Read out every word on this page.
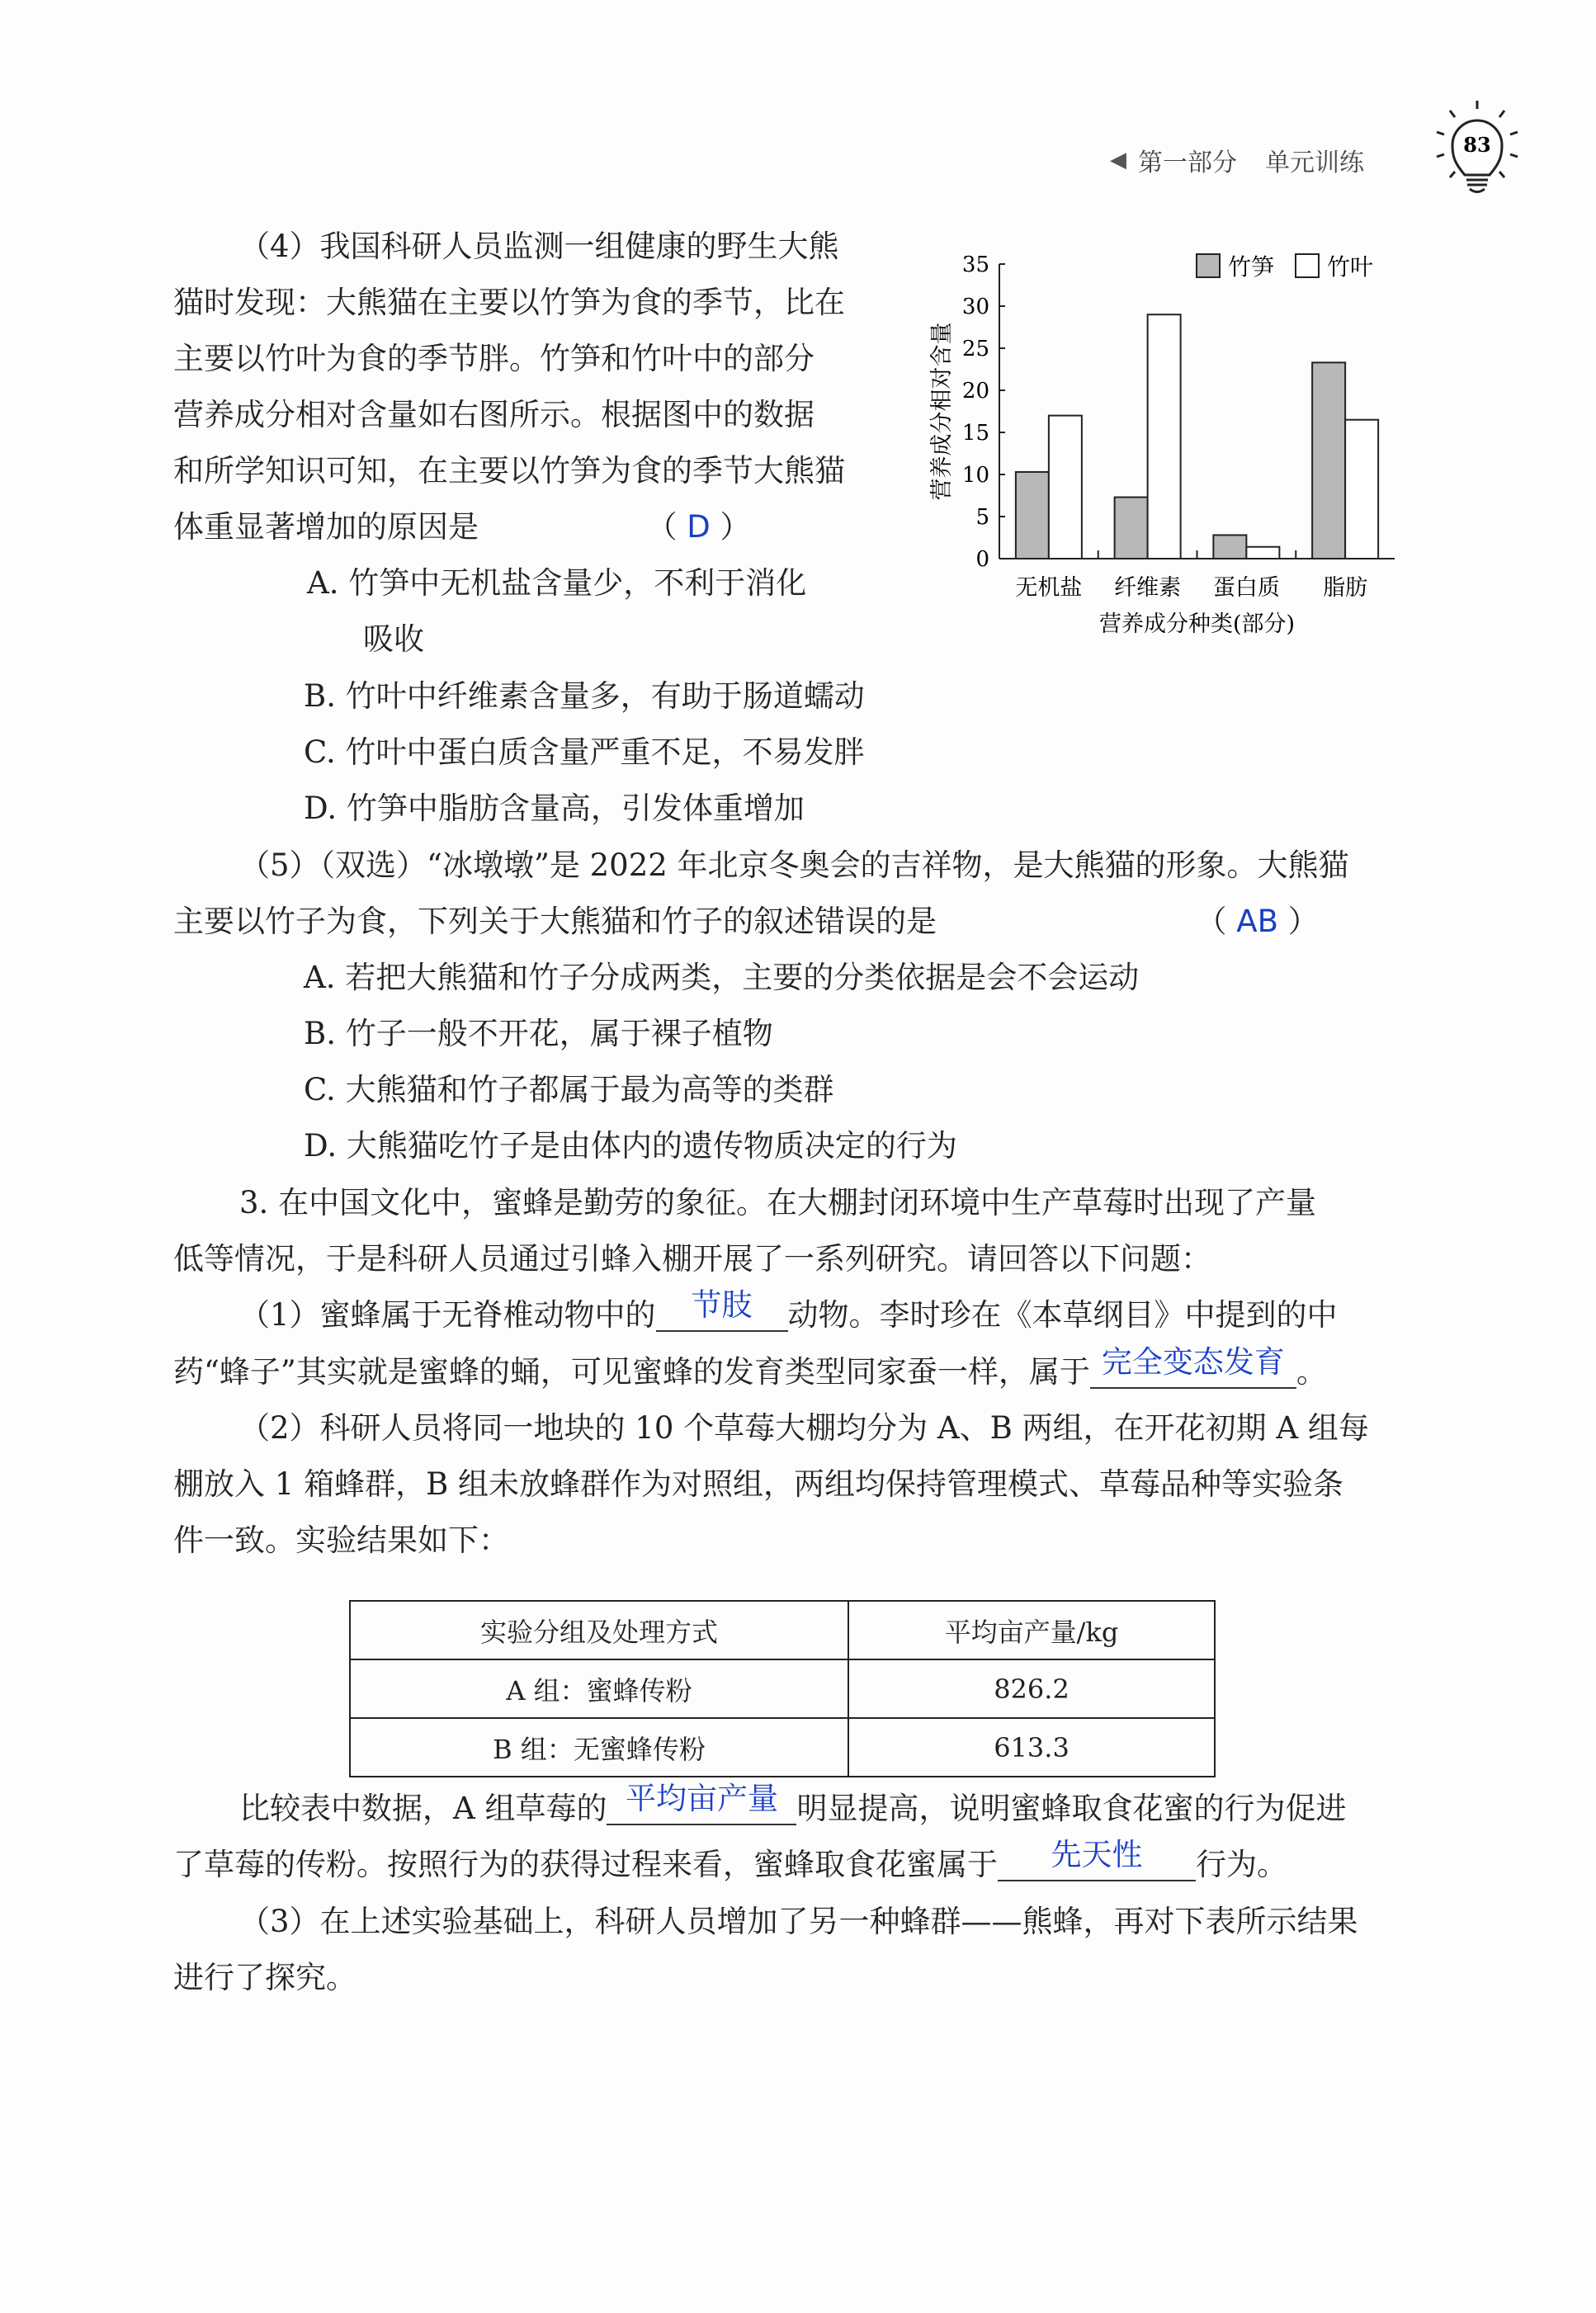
◀ 第一部分 单元训练
83
（4）我国科研人员监测一组健康的野生大熊
猫时发现：大熊猫在主要以竹笋为食的季节，比在
主要以竹叶为食的季节胖。竹笋和竹叶中的部分
营养成分相对含量如右图所示。根据图中的数据
和所学知识可知，在主要以竹笋为食的季节大熊猫
体重显著增加的原因是　　　　　　（ D ）
A. 竹笋中无机盐含量少，不利于消化
吸收
B. 竹叶中纤维素含量多，有助于肠道蠕动
C. 竹叶中蛋白质含量严重不足，不易发胖
D. 竹笋中脂肪含量高，引发体重增加
（5）（双选）“冰墩墩”是 2022 年北京冬奥会的吉祥物，是大熊猫的形象。大熊猫
主要以竹子为食，下列关于大熊猫和竹子的叙述错误的是　　　　　　　　　（ AB ）
A. 若把大熊猫和竹子分成两类，主要的分类依据是会不会运动
B. 竹子一般不开花，属于裸子植物
C. 大熊猫和竹子都属于最为高等的类群
D. 大熊猫吃竹子是由体内的遗传物质决定的行为
3. 在中国文化中，蜜蜂是勤劳的象征。在大棚封闭环境中生产草莓时出现了产量
低等情况，于是科研人员通过引蜂入棚开展了一系列研究。请回答以下问题：
（1）蜜蜂属于无脊椎动物中的 节肢 动物。李时珍在《本草纲目》中提到的中
药“蜂子”其实就是蜜蜂的蛹，可见蜜蜂的发育类型同家蚕一样，属于 完全变态发育 。
（2）科研人员将同一地块的 10 个草莓大棚均分为 A、B 两组，在开花初期 A 组每
棚放入 1 箱蜂群，B 组未放蜂群作为对照组，两组均保持管理模式、草莓品种等实验条
件一致。实验结果如下：
比较表中数据，A 组草莓的 平均亩产量 明显提高，说明蜜蜂取食花蜜的行为促进
了草莓的传粉。按照行为的获得过程来看，蜜蜂取食花蜜属于 先天性 行为。
（3）在上述实验基础上，科研人员增加了另一种蜂群——熊蜂，再对下表所示结果
进行了探究。
0
5
10
15
20
25
30
35
无机盐 纤维素 蛋白质 脂肪
营养成分种类(部分)
营养成分相对含量
竹笋 竹叶
实验分组及处理方式	平均亩产量/kg
A 组：蜜蜂传粉	826.2
B 组：无蜜蜂传粉	613.3
